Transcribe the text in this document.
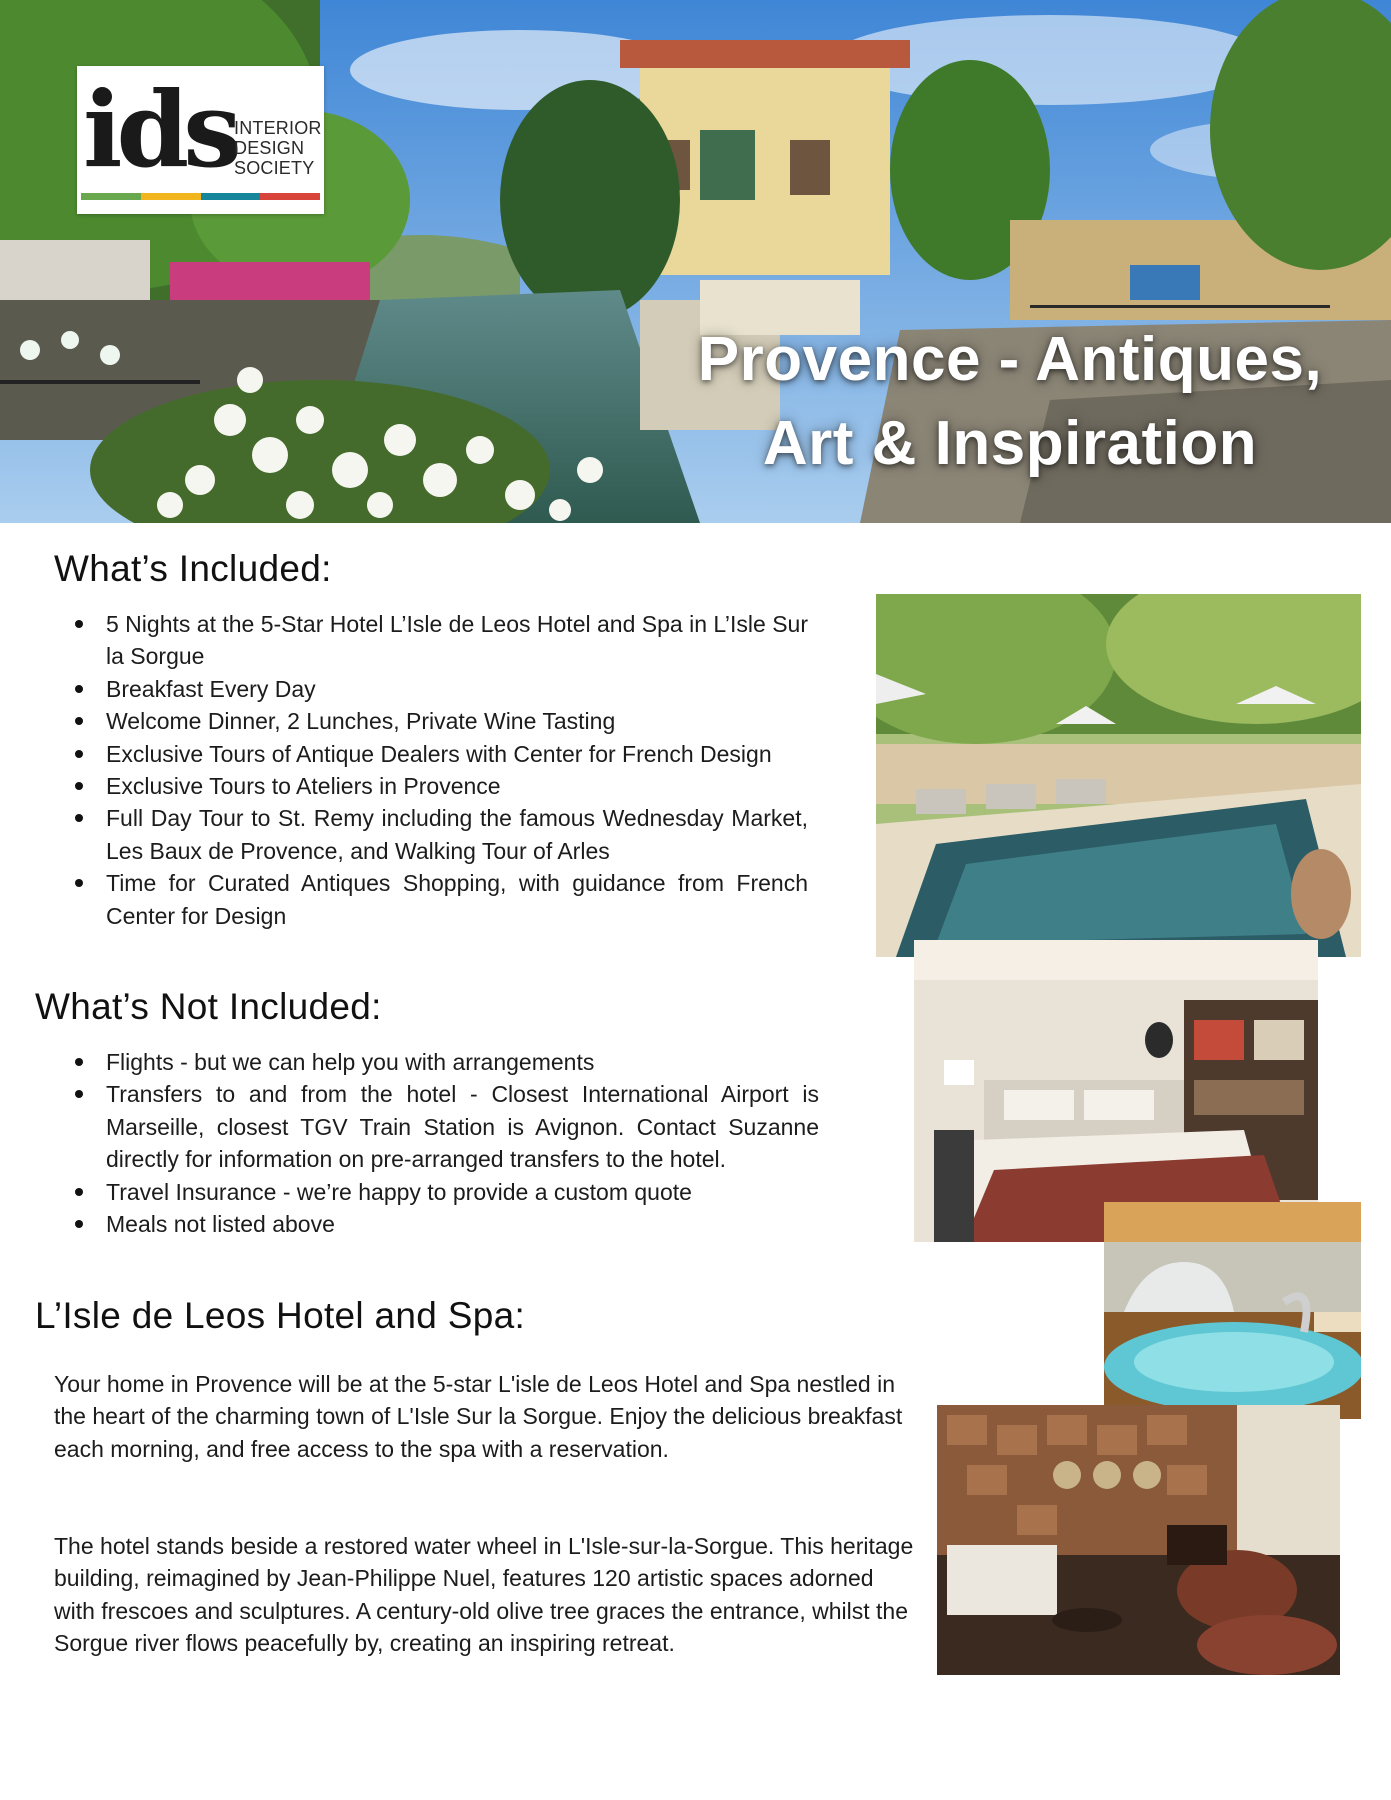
ids
INTERIOR
DESIGN
SOCIETY
Provence - Antiques,
Art & Inspiration
What’s Included:
5 Nights at the 5-Star Hotel L’Isle de Leos Hotel and Spa in L’Isle Sur la Sorgue
Breakfast Every Day
Welcome Dinner, 2 Lunches, Private Wine Tasting
Exclusive Tours of Antique Dealers with Center for French Design
Exclusive Tours to Ateliers in Provence
Full Day Tour to St. Remy including the famous Wednesday Market, Les Baux de Provence, and Walking Tour of Arles
Time for Curated Antiques Shopping, with guidance from French Center for Design
What’s Not Included:
Flights - but we can help you with arrangements
Transfers to and from the hotel - Closest International Airport is Marseille, closest TGV Train Station is Avignon. Contact Suzanne directly for information on pre-arranged transfers to the hotel.
Travel Insurance - we’re happy to provide a custom quote
Meals not listed above
L’Isle de Leos Hotel and Spa:

Your home in Provence will be at the 5-star L'isle de Leos Hotel and Spa nestled in the heart of the charming town of L'Isle Sur la Sorgue. Enjoy the delicious breakfast each morning, and free access to the spa with a reservation.

The hotel stands beside a restored water wheel in L'Isle-sur-la-Sorgue. This heritage building, reimagined by Jean-Philippe Nuel, features 120 artistic spaces adorned with frescoes and sculptures. A century-old olive tree graces the entrance, whilst the Sorgue river flows peacefully by, creating an inspiring retreat.
